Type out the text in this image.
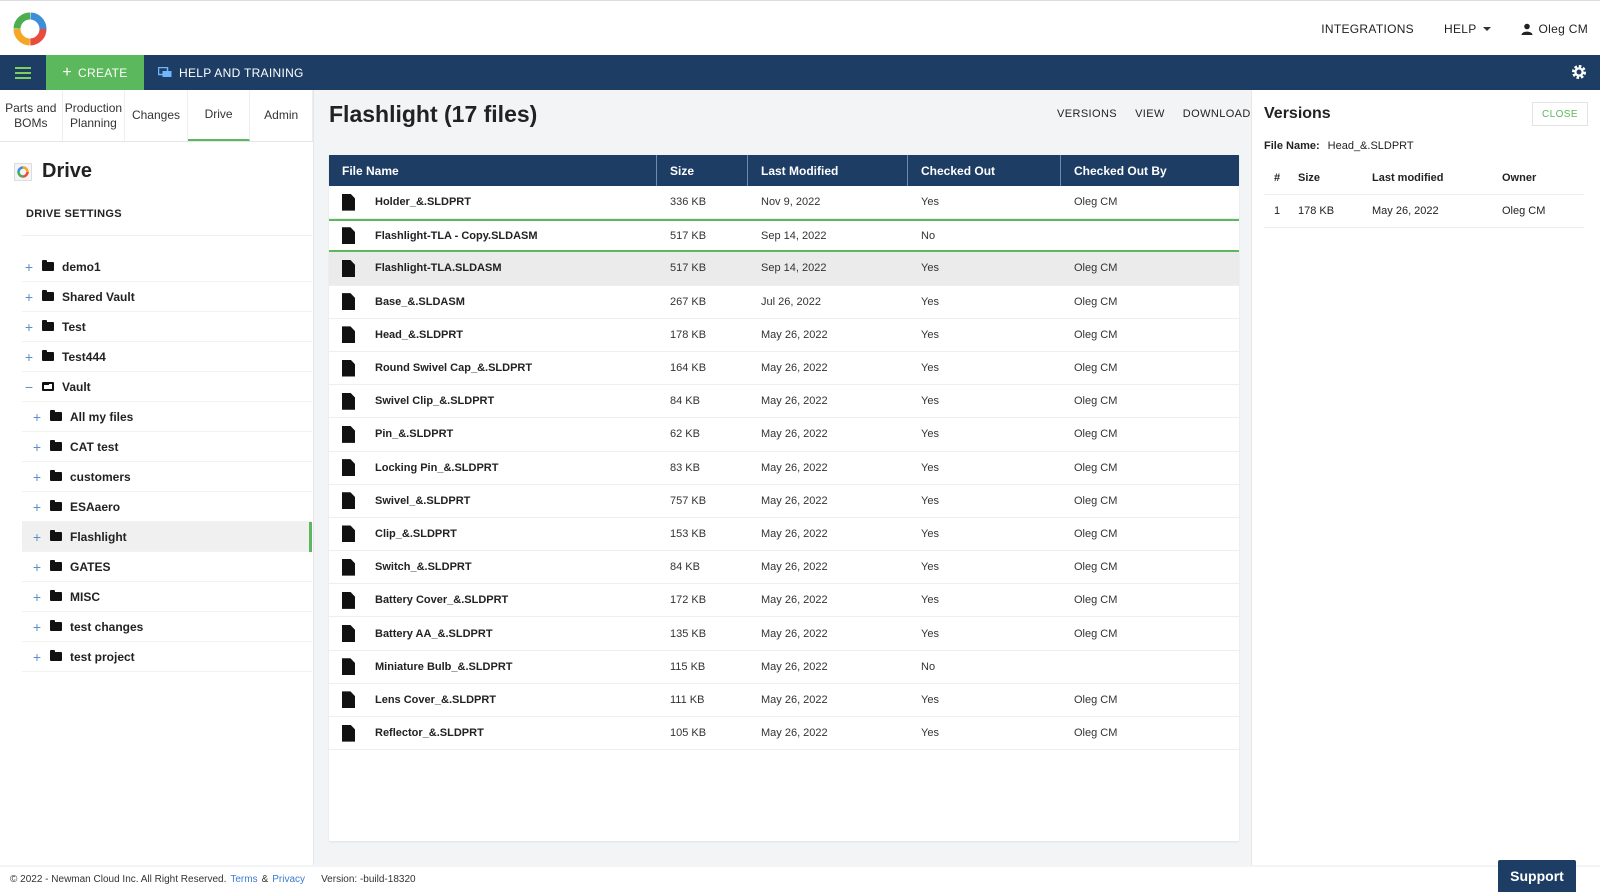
INTEGRATIONS	HELP	Oleg CM
+ CREATE	HELP AND TRAINING
Parts and BOMs
Production Planning
Changes	Drive	Admin
Drive
DRIVE SETTINGS
+ demo1
+ Shared Vault
+ Test
+ Test444
− Vault
+ All my files
+ CAT test
+ customers
+ ESAaero
+ Flashlight
+ GATES
+ MISC
+ test changes
+ test project
Flashlight (17 files)	VERSIONS VIEW DOWNLOAD
File Name	Size	Last Modified	Checked Out	Checked Out By
Holder_&.SLDPRT	336 KB	Nov 9, 2022	Yes	Oleg CM
Flashlight-TLA - Copy.SLDASM	517 KB	Sep 14, 2022	No
Flashlight-TLA.SLDASM	517 KB	Sep 14, 2022	Yes	Oleg CM
Base_&.SLDASM	267 KB	Jul 26, 2022	Yes	Oleg CM
Head_&.SLDPRT	178 KB	May 26, 2022	Yes	Oleg CM
Round Swivel Cap_&.SLDPRT	164 KB	May 26, 2022	Yes	Oleg CM
Swivel Clip_&.SLDPRT	84 KB	May 26, 2022	Yes	Oleg CM
Pin_&.SLDPRT	62 KB	May 26, 2022	Yes	Oleg CM
Locking Pin_&.SLDPRT	83 KB	May 26, 2022	Yes	Oleg CM
Swivel_&.SLDPRT	757 KB	May 26, 2022	Yes	Oleg CM
Clip_&.SLDPRT	153 KB	May 26, 2022	Yes	Oleg CM
Switch_&.SLDPRT	84 KB	May 26, 2022	Yes	Oleg CM
Battery Cover_&.SLDPRT	172 KB	May 26, 2022	Yes	Oleg CM
Battery AA_&.SLDPRT	135 KB	May 26, 2022	Yes	Oleg CM
Miniature Bulb_&.SLDPRT	115 KB	May 26, 2022	No
Lens Cover_&.SLDPRT	111 KB	May 26, 2022	Yes	Oleg CM
Reflector_&.SLDPRT	105 KB	May 26, 2022	Yes	Oleg CM
Versions	CLOSE
File Name: Head_&.SLDPRT
#	Size	Last modified	Owner
1	178 KB	May 26, 2022	Oleg CM
© 2022 - Newman Cloud Inc. All Right Reserved. Terms & Privacy Version: -build-18320	Support
